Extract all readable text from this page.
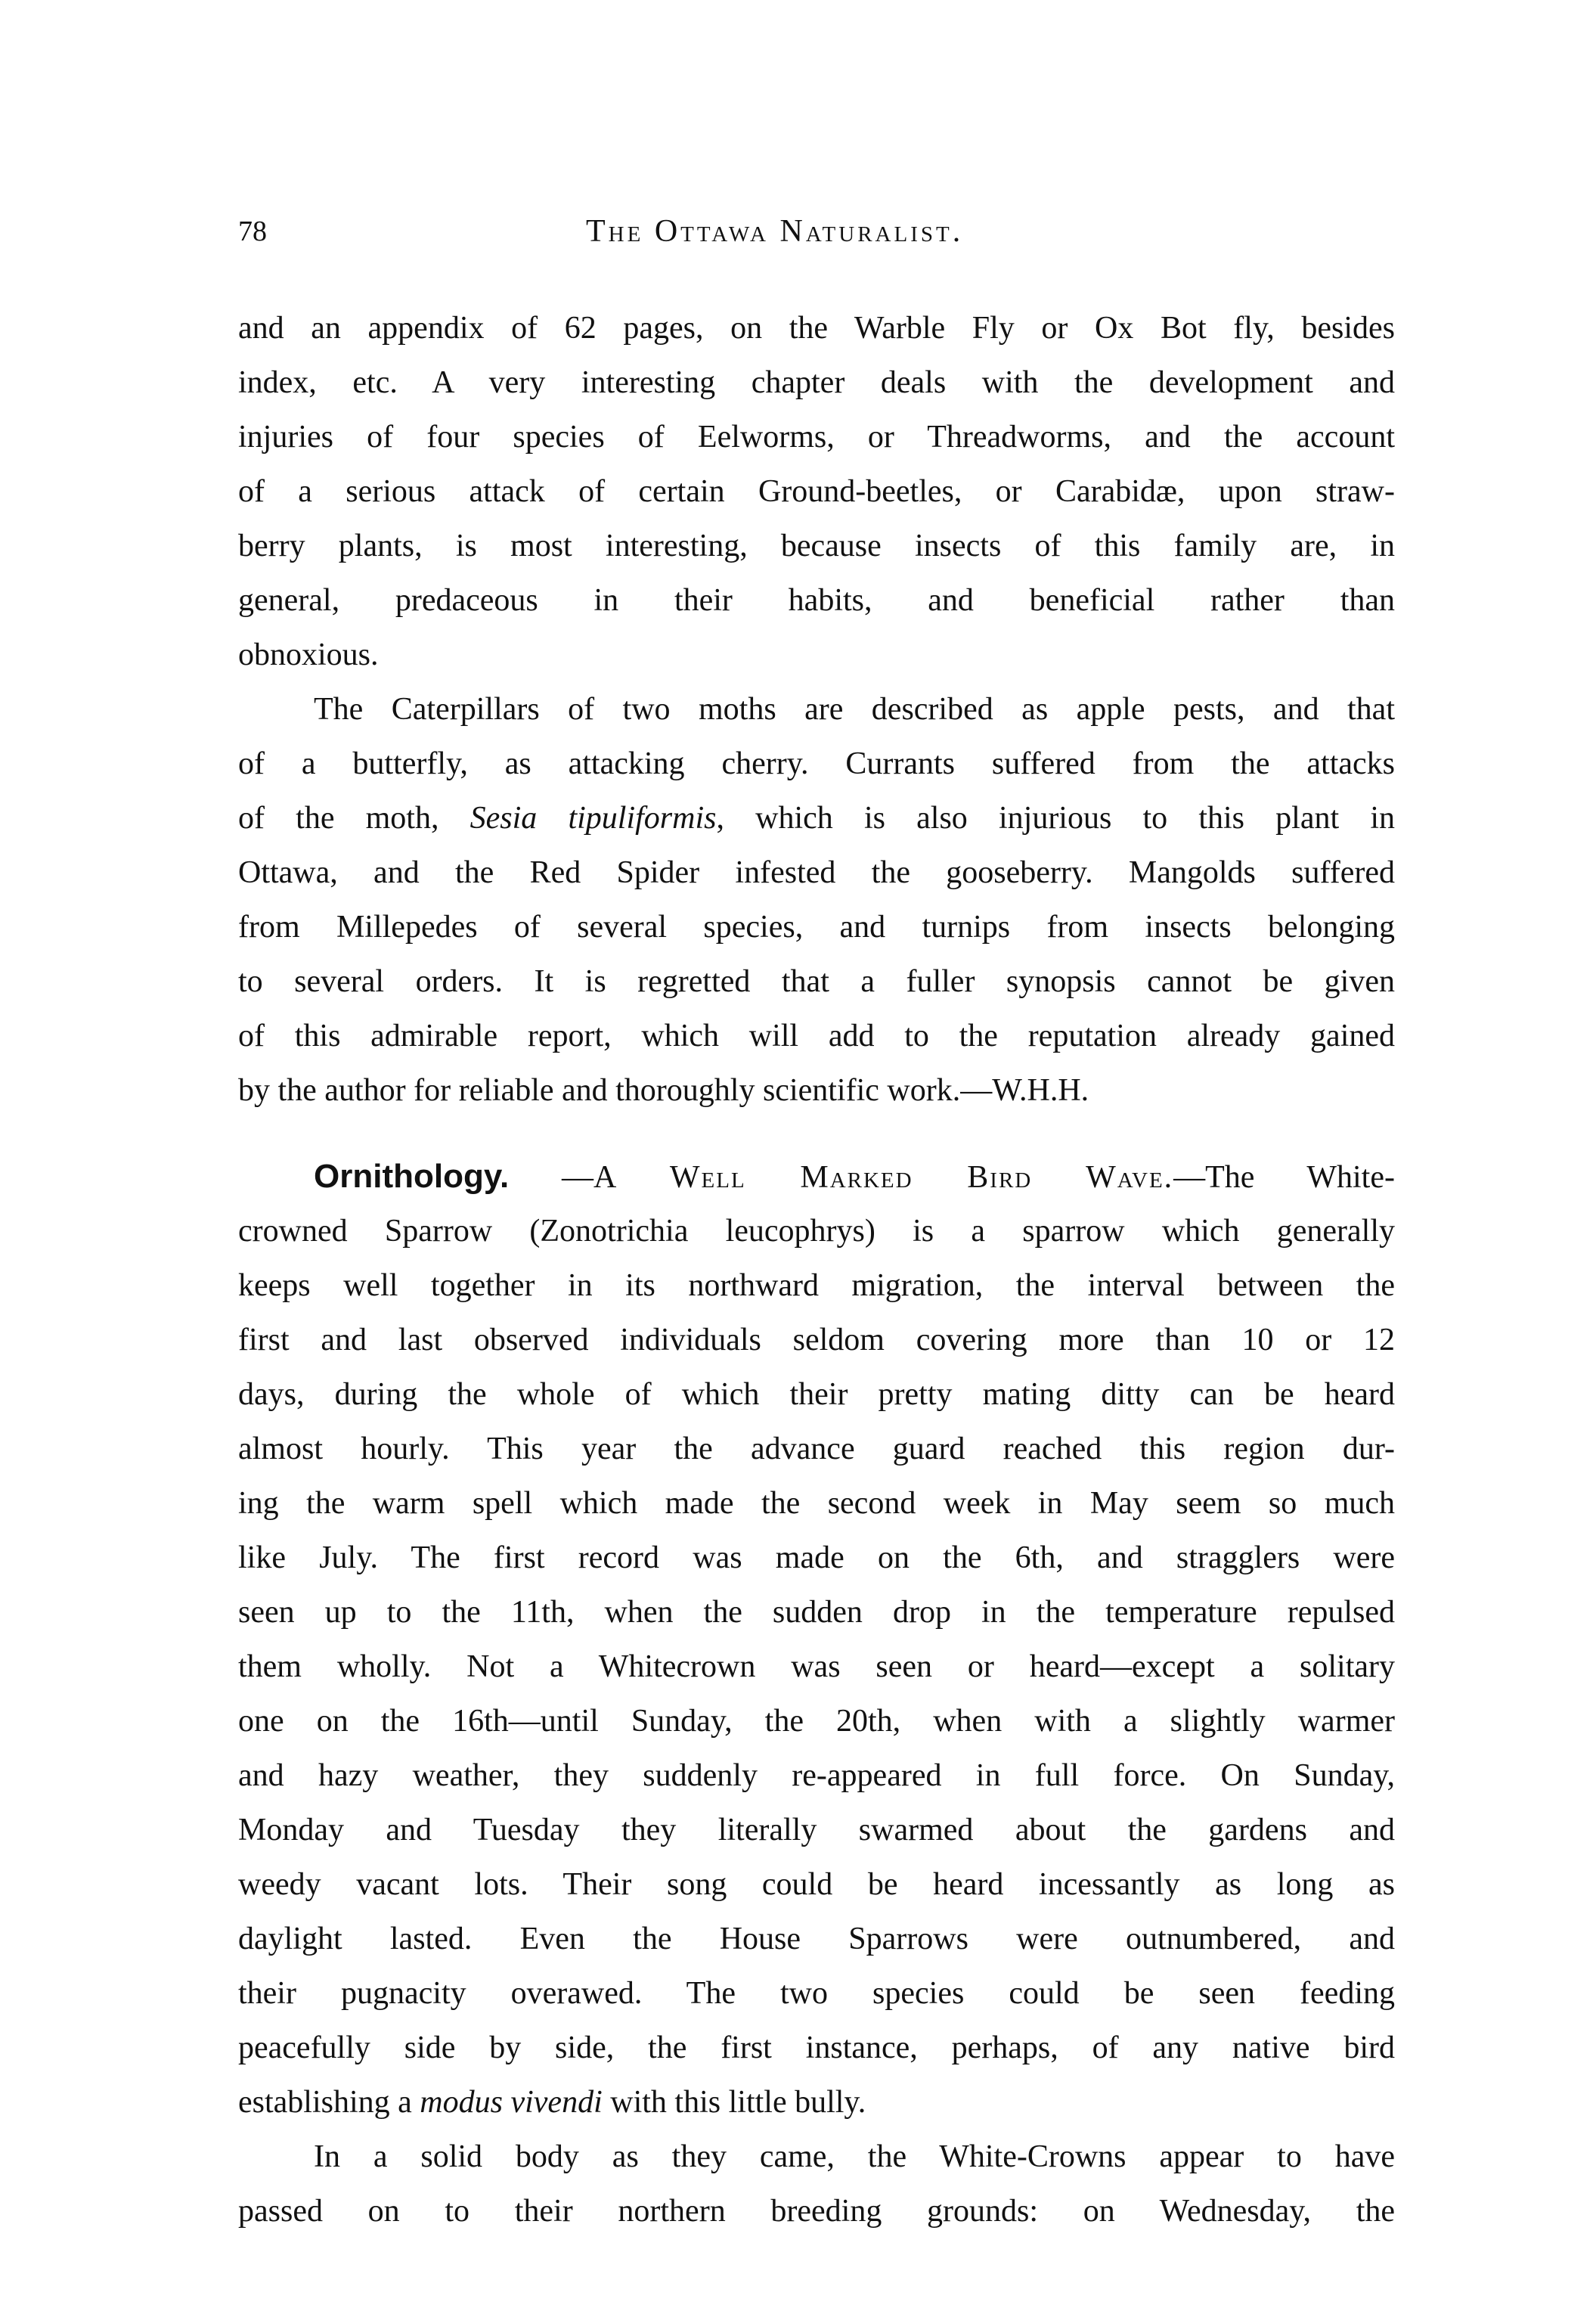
78	The Ottawa Naturalist.
and an appendix of 62 pages, on the Warble Fly or Ox Bot fly, besides
index, etc. A very interesting chapter deals with the development and
injuries of four species of Eelworms, or Threadworms, and the account
of a serious attack of certain Ground-beetles, or Carabidæ, upon straw-
berry plants, is most interesting, because insects of this family are, in
general, predaceous in their habits, and beneficial rather than
obnoxious.
The Caterpillars of two moths are described as apple pests, and that
of a butterfly, as attacking cherry. Currants suffered from the attacks
of the moth, Sesia tipuliformis, which is also injurious to this plant in
Ottawa, and the Red Spider infested the gooseberry. Mangolds suffered
from Millepedes of several species, and turnips from insects belonging
to several orders. It is regretted that a fuller synopsis cannot be given
of this admirable report, which will add to the reputation already gained
by the author for reliable and thoroughly scientific work.—W.H.H.
Ornithology. —A Well Marked Bird Wave.—The White-
crowned Sparrow (Zonotrichia leucophrys) is a sparrow which generally
keeps well together in its northward migration, the interval between the
first and last observed individuals seldom covering more than 10 or 12
days, during the whole of which their pretty mating ditty can be heard
almost hourly. This year the advance guard reached this region dur-
ing the warm spell which made the second week in May seem so much
like July. The first record was made on the 6th, and stragglers were
seen up to the 11th, when the sudden drop in the temperature repulsed
them wholly. Not a Whitecrown was seen or heard—except a solitary
one on the 16th—until Sunday, the 20th, when with a slightly warmer
and hazy weather, they suddenly re-appeared in full force. On Sunday,
Monday and Tuesday they literally swarmed about the gardens and
weedy vacant lots. Their song could be heard incessantly as long as
daylight lasted. Even the House Sparrows were outnumbered, and
their pugnacity overawed. The two species could be seen feeding
peacefully side by side, the first instance, perhaps, of any native bird
establishing a modus vivendi with this little bully.
In a solid body as they came, the White-Crowns appear to have
passed on to their northern breeding grounds: on Wednesday, the
